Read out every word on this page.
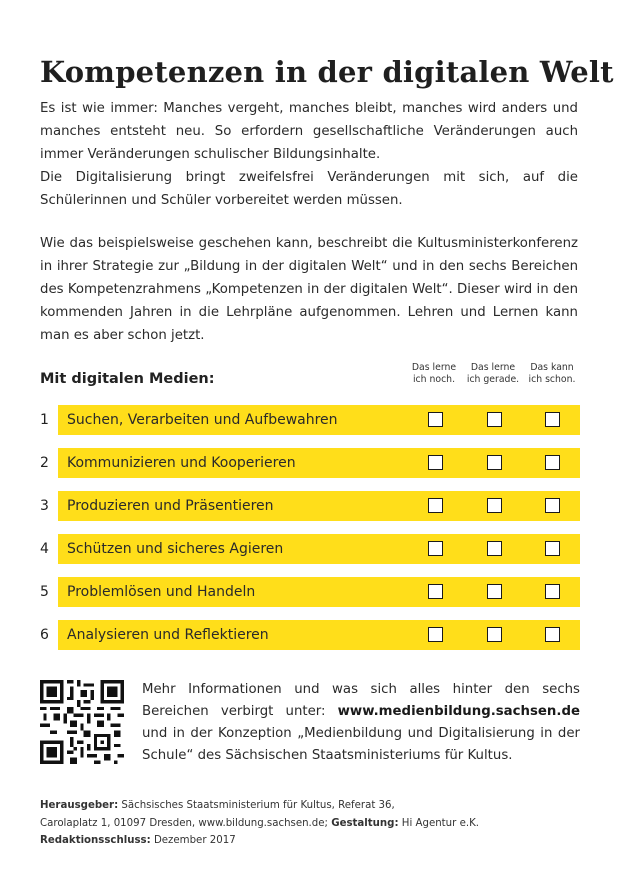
Kompetenzen in der digitalen Welt

Es ist wie immer: Manches vergeht, manches bleibt, manches wird anders und manches entsteht neu. So erfordern gesellschaftliche Veränderungen auch immer Veränderungen schulischer Bildungsinhalte.

Die Digitalisierung bringt zweifelsfrei Veränderungen mit sich, auf die Schülerinnen und Schüler vorbereitet werden müssen.

Wie das beispielsweise geschehen kann, beschreibt die Kultusministerkonferenz in ihrer Strategie zur „Bildung in der digitalen Welt“ und in den sechs Bereichen des Kompetenzrahmens „Kompetenzen in der digitalen Welt“. Dieser wird in den kommenden Jahren in die Lehrpläne aufgenommen. Lehren und Lernen kann man es aber schon jetzt.

Mit digitalen Medien:
Das lerne
ich noch.
Das lerne
ich gerade.
Das kann
ich schon.
1	Suchen, Verarbeiten und Aufbewahren
2	Kommunizieren und Kooperieren
3	Produzieren und Präsentieren
4	Schützen und sicheres Agieren
5	Problemlösen und Handeln
6	Analysieren und Reflektieren

Mehr Informationen und was sich alles hinter den sechs Bereichen verbirgt unter: www.medienbildung.sachsen.de und in der Konzeption „Medienbildung und Digitalisierung in der Schule“ des Sächsischen Staatsministeriums für Kultus.

Herausgeber: Sächsisches Staatsministerium für Kultus, Referat 36,
Carolaplatz 1, 01097 Dresden, www.bildung.sachsen.de; Gestaltung: Hi Agentur e.K.
Redaktionsschluss: Dezember 2017
